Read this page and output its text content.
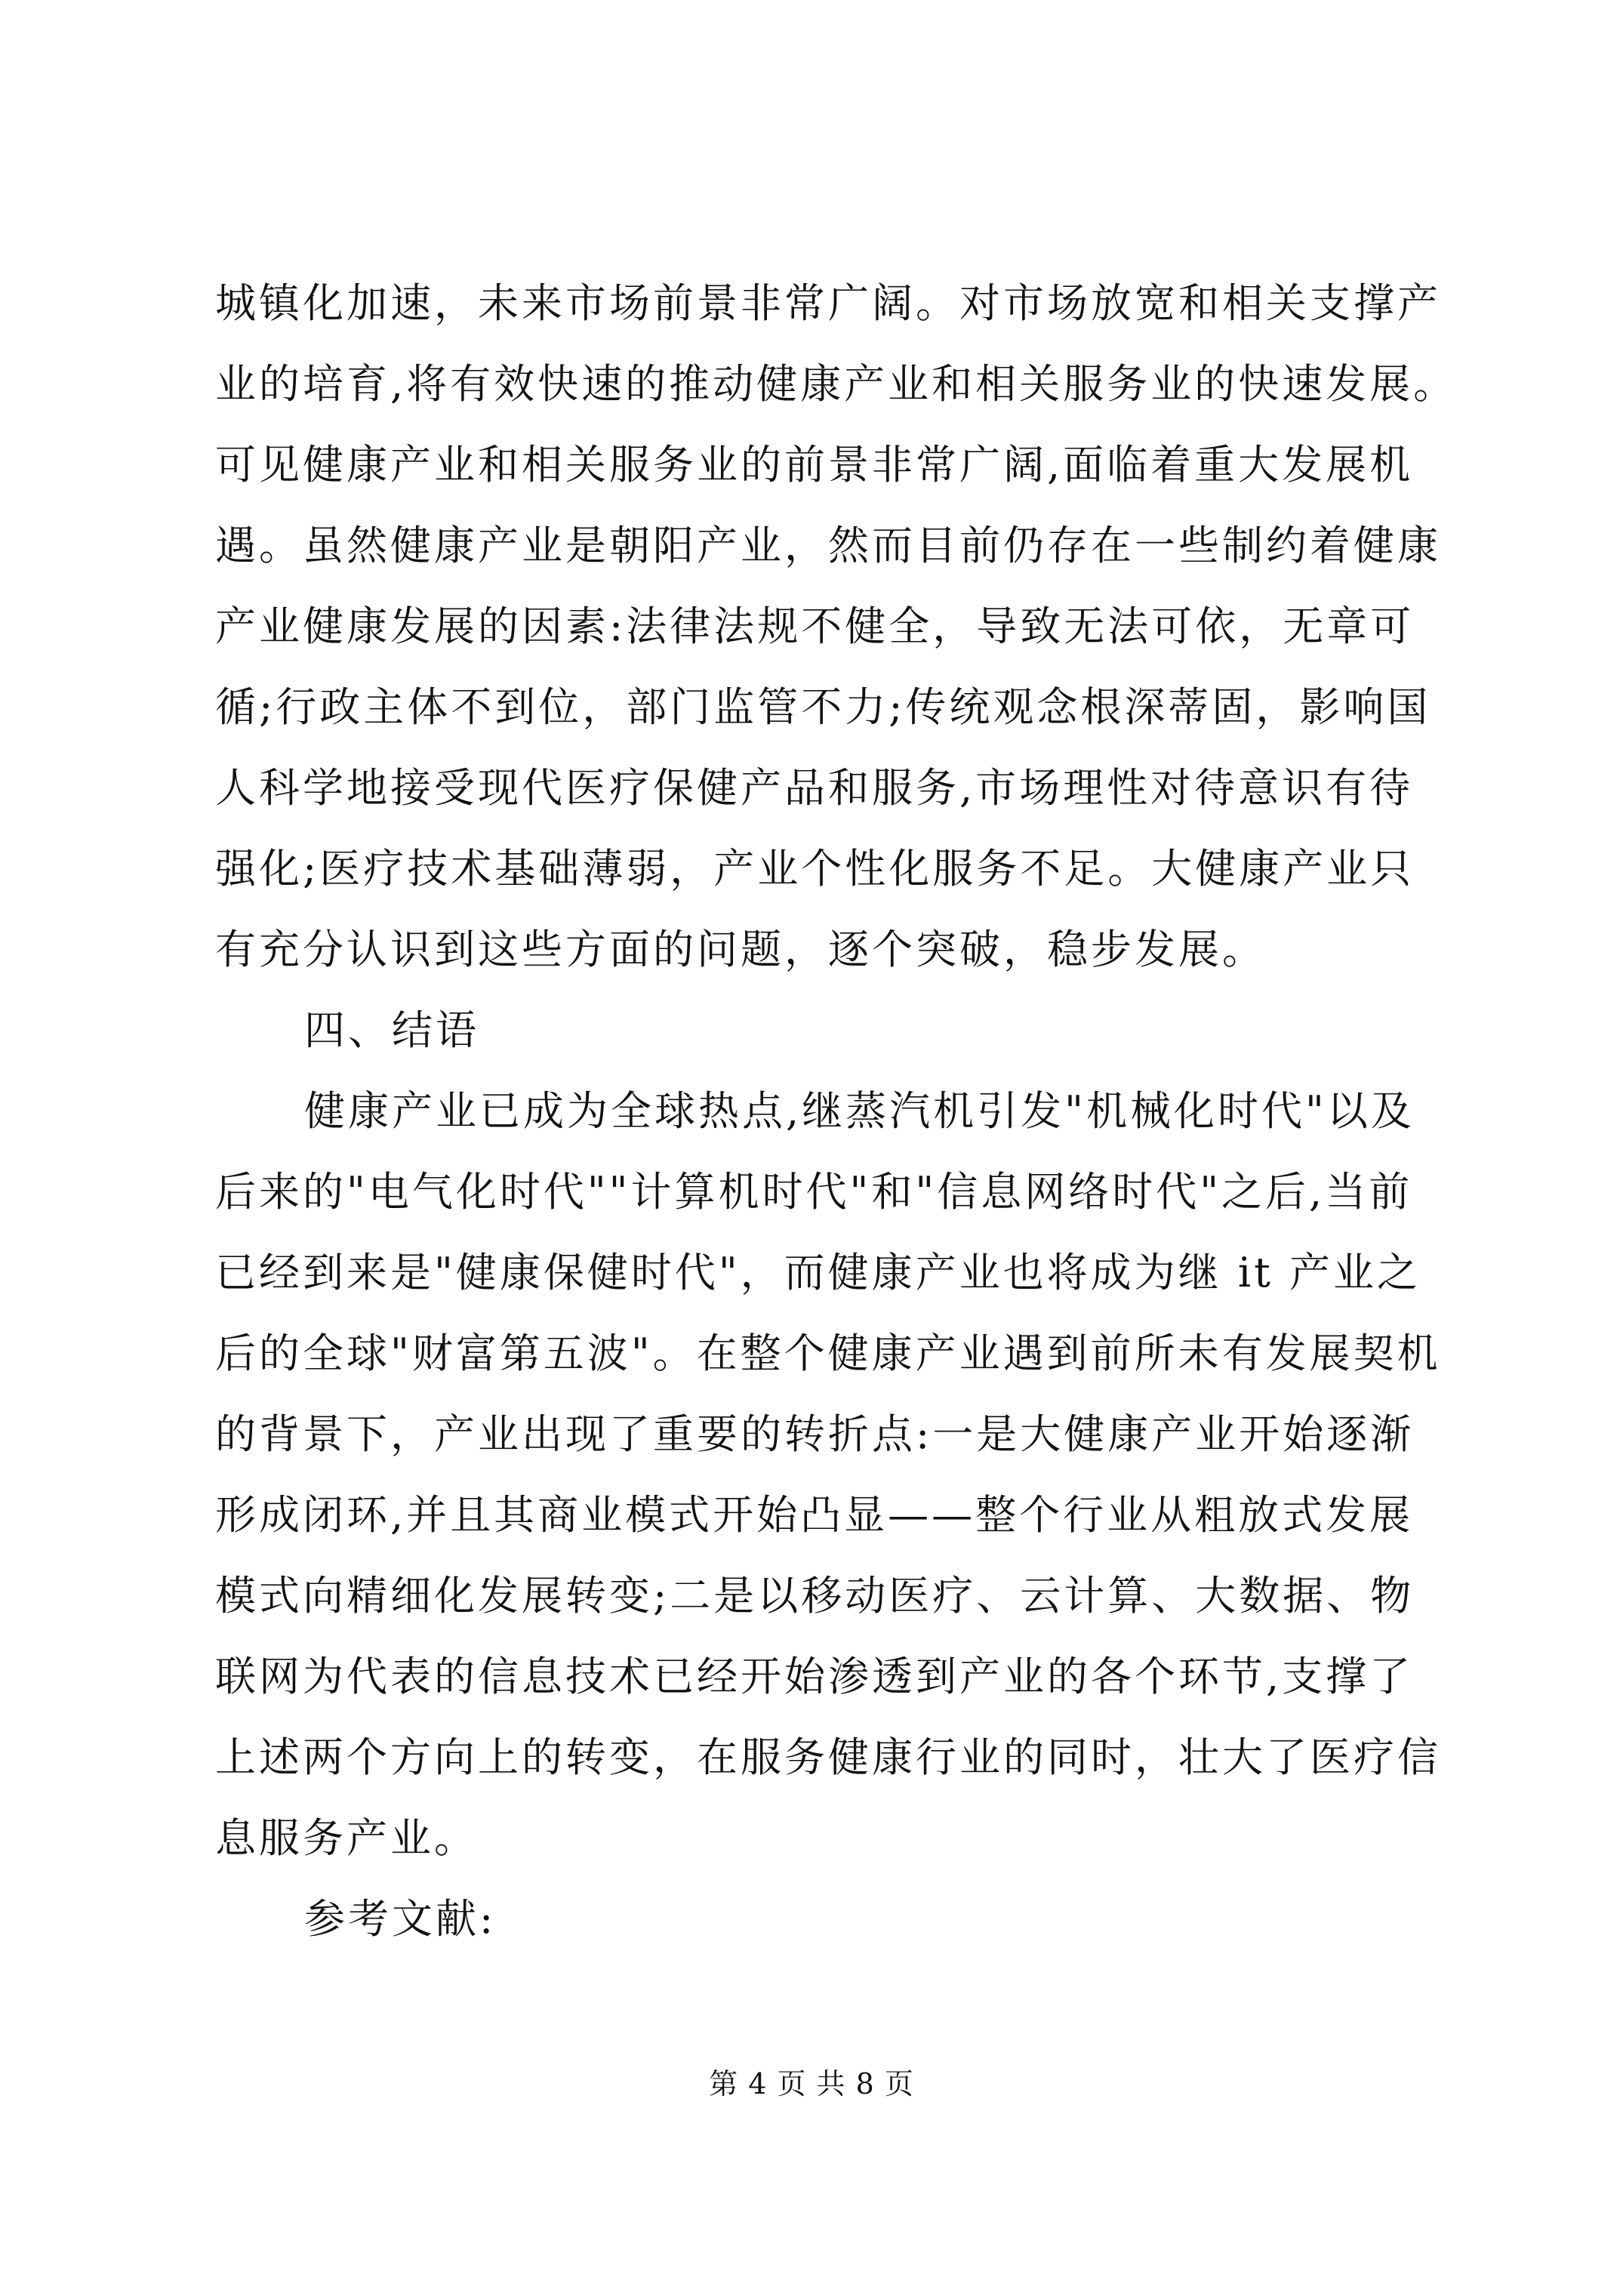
城镇化加速，未来市场前景非常广阔。对市场放宽和相关支撑产
业的培育,将有效快速的推动健康产业和相关服务业的快速发展。
可见健康产业和相关服务业的前景非常广阔,面临着重大发展机
遇。虽然健康产业是朝阳产业，然而目前仍存在一些制约着健康
产业健康发展的因素:法律法规不健全，导致无法可依，无章可
循;行政主体不到位，部门监管不力;传统观念根深蒂固，影响国
人科学地接受现代医疗保健产品和服务,市场理性对待意识有待
强化;医疗技术基础薄弱，产业个性化服务不足。大健康产业只
有充分认识到这些方面的问题，逐个突破，稳步发展。
四、结语
健康产业已成为全球热点,继蒸汽机引发"机械化时代"以及
后来的"电气化时代""计算机时代"和"信息网络时代"之后,当前
已经到来是"健康保健时代"，而健康产业也将成为继 it 产业之
后的全球"财富第五波"。在整个健康产业遇到前所未有发展契机
的背景下，产业出现了重要的转折点:一是大健康产业开始逐渐
形成闭环,并且其商业模式开始凸显——整个行业从粗放式发展
模式向精细化发展转变;二是以移动医疗、云计算、大数据、物
联网为代表的信息技术已经开始渗透到产业的各个环节,支撑了
上述两个方向上的转变，在服务健康行业的同时，壮大了医疗信
息服务产业。
参考文献:
第 4 页 共 8 页
